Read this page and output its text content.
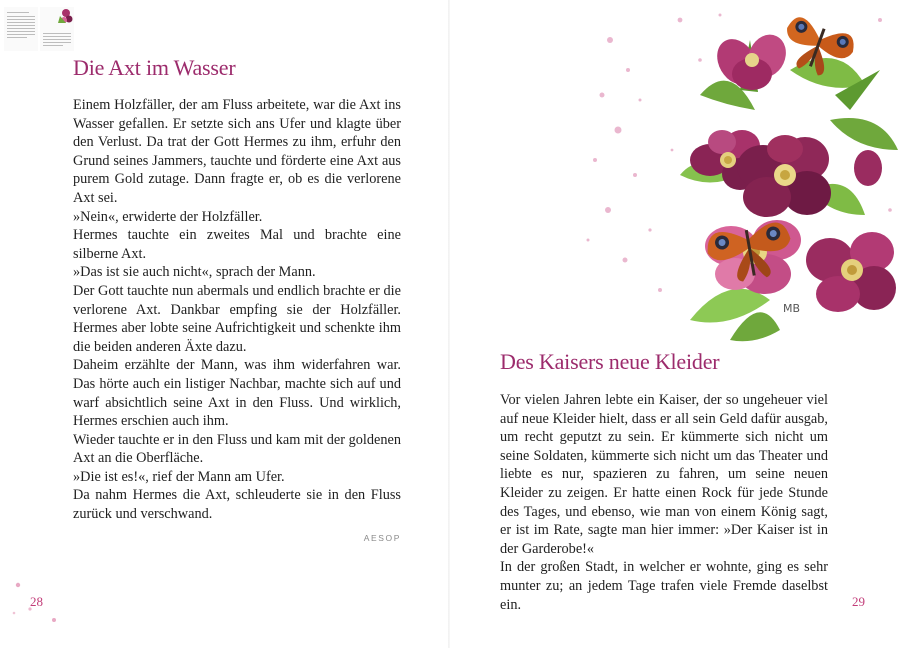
Die Axt im Wasser
Einem Holzfäller, der am Fluss arbeitete, war die Axt ins Wasser gefallen. Er setzte sich ans Ufer und klagte über den Verlust. Da trat der Gott Hermes zu ihm, erfuhr den Grund seines Jammers, tauchte und förderte eine Axt aus purem Gold zutage. Dann fragte er, ob es die verlorene Axt sei.
»Nein«, erwiderte der Holzfäller.
Hermes tauchte ein zweites Mal und brachte eine silberne Axt.
»Das ist sie auch nicht«, sprach der Mann.
Der Gott tauchte nun abermals und endlich brachte er die verlorene Axt. Dankbar empfing sie der Holzfäller. Hermes aber lobte seine Aufrichtigkeit und schenkte ihm die beiden anderen Äxte dazu.
Daheim erzählte der Mann, was ihm widerfahren war. Das hörte auch ein listiger Nachbar, machte sich auf und warf absichtlich seine Axt in den Fluss. Und wirklich, Hermes erschien auch ihm.
Wieder tauchte er in den Fluss und kam mit der goldenen Axt an die Oberfläche.
»Die ist es!«, rief der Mann am Ufer.
Da nahm Hermes die Axt, schleuderte sie in den Fluss zurück und verschwand.
AESOP
28
Des Kaisers neue Kleider
Vor vielen Jahren lebte ein Kaiser, der so ungeheuer viel auf neue Kleider hielt, dass er all sein Geld dafür ausgab, um recht geputzt zu sein. Er kümmerte sich nicht um seine Soldaten, kümmerte sich nicht um das Theater und liebte es nur, spazieren zu fahren, um seine neuen Kleider zu zeigen. Er hatte einen Rock für jede Stunde des Tages, und ebenso, wie man von einem König sagt, er ist im Rate, sagte man hier immer: »Der Kaiser ist in der Garderobe!«
In der großen Stadt, in welcher er wohnte, ging es sehr munter zu; an jedem Tage trafen viele Fremde daselbst ein.	29
MB
